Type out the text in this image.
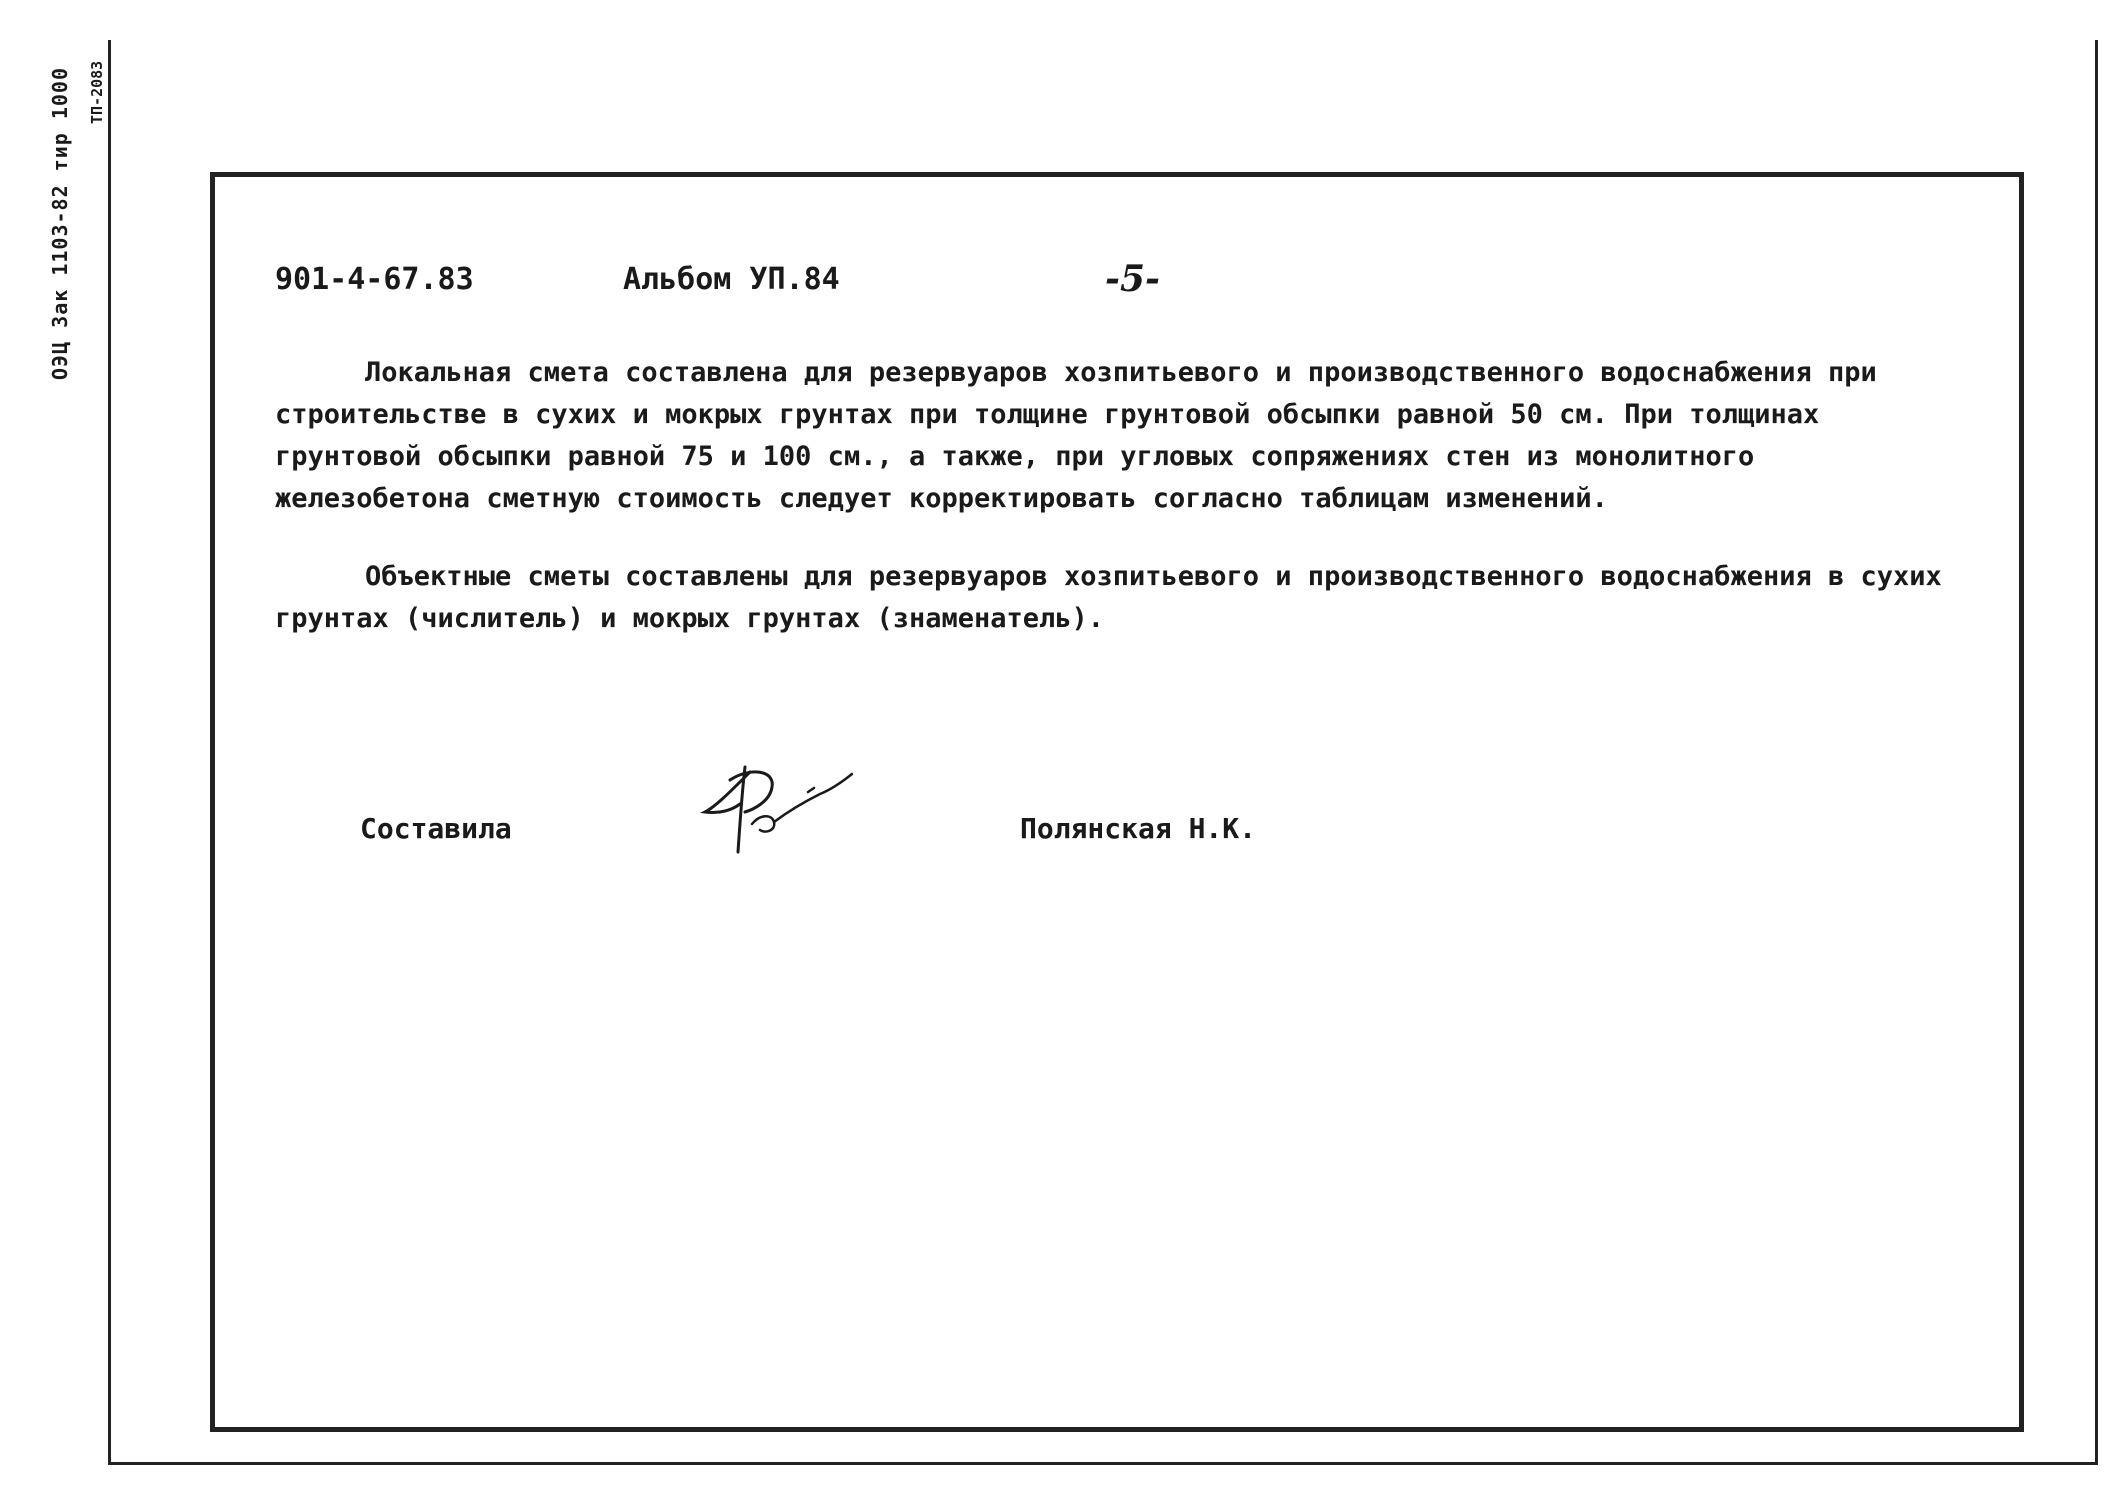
ОЭЦ Зак 1103-82 тир 1000 ТП-2083
901-4-67.83	Альбом УП.84	-5-

Локальная смета составлена для резервуаров хозпитьевого и производственного водоснабжения при строительстве в сухих и мокрых грунтах при толщине грунтовой обсыпки равной 50 см. При толщинах грунтовой обсыпки равной 75 и 100 см., а также, при угловых сопряжениях стен из монолитного железобетона сметную стоимость следует корректировать согласно таблицам изменений.

Объектные сметы составлены для резервуаров хозпитьевого и производственного водоснабжения в сухих грунтах (числитель) и мокрых грунтах (знаменатель).

Составила	Полянская Н.К.
